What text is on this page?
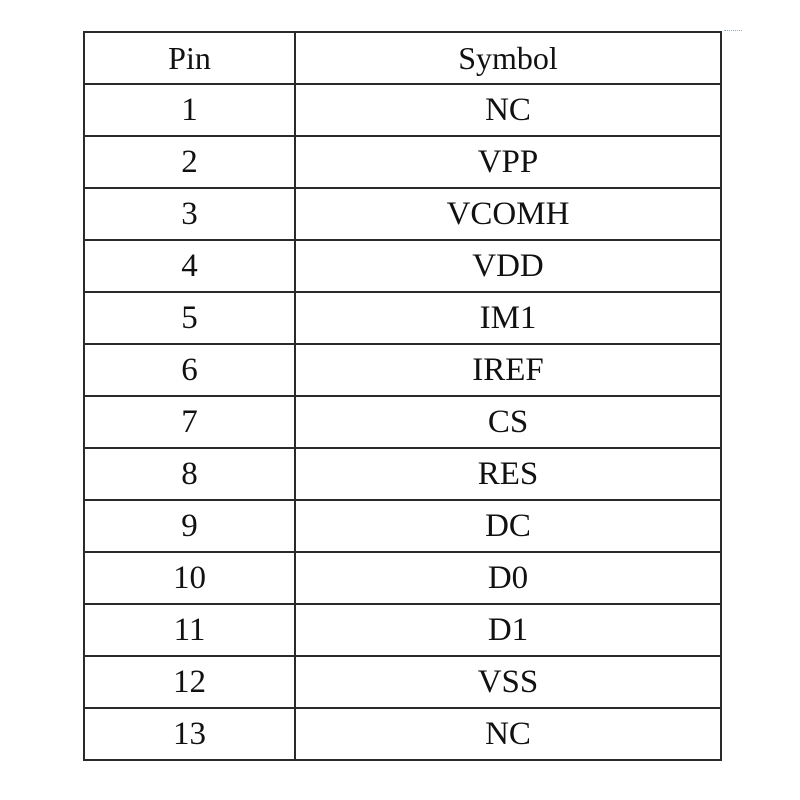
Pin	Symbol
1	NC
2	VPP
3	VCOMH
4	VDD
5	IM1
6	IREF
7	CS
8	RES
9	DC
10	D0
11	D1
12	VSS
13	NC
